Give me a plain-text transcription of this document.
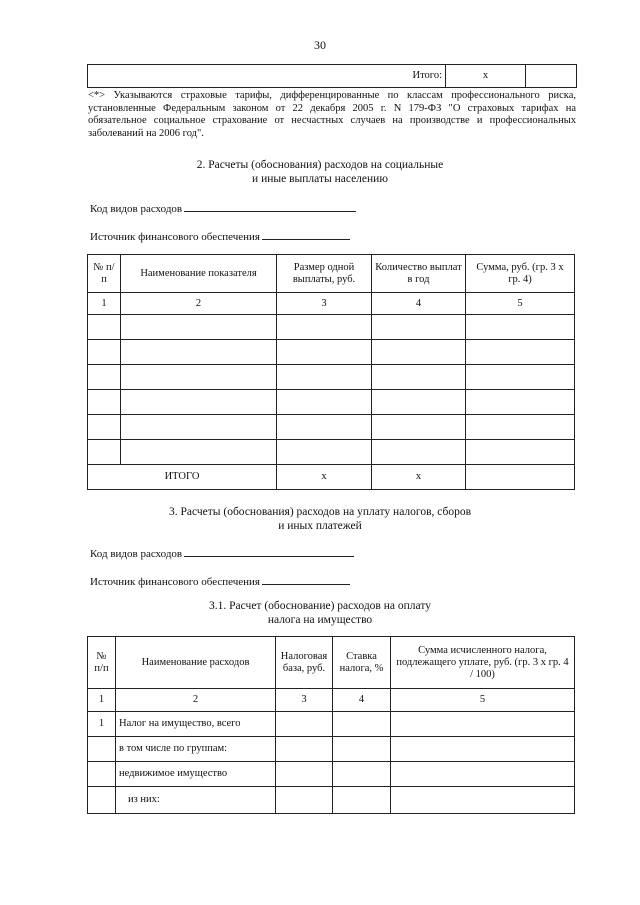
30
Итого:	х	
<*> Указываются страховые тарифы, дифференцированные по классам профессионального риска, установленные Федеральным законом от 22 декабря 2005 г. N 179-ФЗ "О страховых тарифах на обязательное социальное страхование от несчастных случаев на производстве и профессиональных заболеваний на 2006 год".
2. Расчеты (обоснования) расходов на социальные
и иные выплаты населению
Код видов расходов
Источник финансового обеспечения
№ п/п	Наименование показателя	Размер одной выплаты, руб.	Количество выплат в год	Сумма, руб. (гр. 3 х гр. 4)
1	2	3	4	5

ИТОГО		х	х	
3. Расчеты (обоснования) расходов на уплату налогов, сборов
и иных платежей
Код видов расходов
Источник финансового обеспечения
3.1. Расчет (обоснование) расходов на оплату
налога на имущество
№ п/п	Наименование расходов	Налоговая база, руб.	Ставка налога, %	Сумма исчисленного налога, подлежащего уплате, руб. (гр. 3 х гр. 4 / 100)
1	2	3	4	5
1	Налог на имущество, всего			
	в том числе по группам:			
	недвижимое имущество			
	из них:			
